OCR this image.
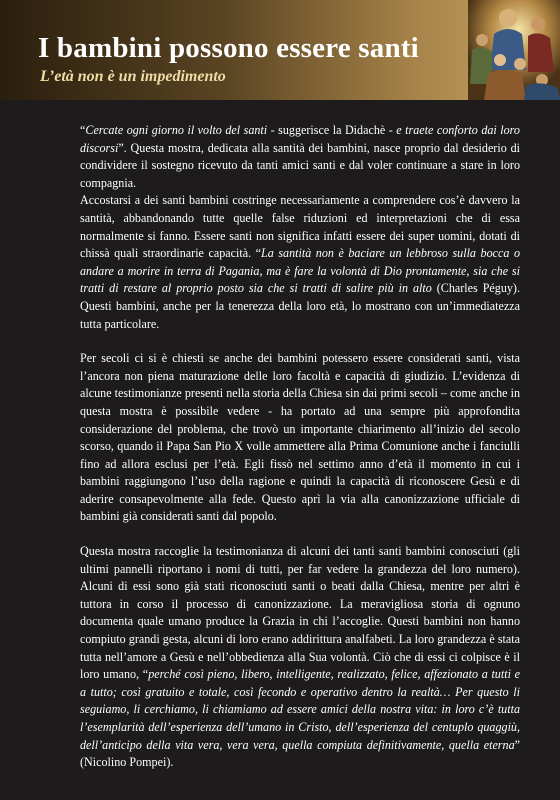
I bambini possono essere santi
L’età non è un impedimento

“Cercate ogni giorno il volto del santi - suggerisce la Didachè - e traete conforto dai loro discorsi”. Questa mostra, dedicata alla santità dei bambini, nasce proprio dal desiderio di condividere il sostegno ricevuto da tanti amici santi e dal voler continuare a stare in loro compagnia.

Accostarsi a dei santi bambini costringe necessariamente a comprendere cos’è davvero la santità, abbandonando tutte quelle false riduzioni ed interpretazioni che di essa normalmente si fanno. Essere santi non significa infatti essere dei super uomini, dotati di chissà quali straordinarie capacità. “La santità non è baciare un lebbroso sulla bocca o andare a morire in terra di Pagania, ma è fare la volontà di Dio prontamente, sia che si tratti di restare al proprio posto sia che si tratti di salire più in alto (Charles Péguy). Questi bambini, anche per la tenerezza della loro età, lo mostrano con un’immediatezza tutta particolare.

Per secoli ci si è chiesti se anche dei bambini potessero essere considerati santi, vista l’ancora non piena maturazione delle loro facoltà e capacità di giudizio. L’evidenza di alcune testimonianze presenti nella storia della Chiesa sin dai primi secoli – come anche in questa mostra è possibile vedere - ha portato ad una sempre più approfondita considerazione del problema, che trovò un importante chiarimento all’inizio del secolo scorso, quando il Papa San Pio X volle ammettere alla Prima Comunione anche i fanciulli fino ad allora esclusi per l’età. Egli fissò nel settimo anno d’età il momento in cui i bambini raggiungono l’uso della ragione e quindi la capacità di riconoscere Gesù e di aderire consapevolmente alla fede. Questo aprì la via alla canonizzazione ufficiale di bambini già considerati santi dal popolo.

Questa mostra raccoglie la testimonianza di alcuni dei tanti santi bambini conosciuti (gli ultimi pannelli riportano i nomi di tutti, per far vedere la grandezza del loro numero). Alcuni di essi sono già stati riconosciuti santi o beati dalla Chiesa, mentre per altri è tuttora in corso il processo di canonizzazione. La meravigliosa storia di ognuno documenta quale umano produce la Grazia in chi l’accoglie. Questi bambini non hanno compiuto grandi gesta, alcuni di loro erano addirittura analfabeti. La loro grandezza è stata tutta nell’amore a Gesù e nell’obbedienza alla Sua volontà. Ciò che di essi ci colpisce è il loro umano, “perché così pieno, libero, intelligente, realizzato, felice, affezionato a tutti e a tutto; così gratuito e totale, così fecondo e operativo dentro la realtà… Per questo li seguiamo, li cerchiamo, li chiamiamo ad essere amici della nostra vita: in loro c’è tutta l’esemplarità dell’esperienza dell’umano in Cristo, dell’esperienza del centuplo quaggiù, dell’anticipo della vita vera, vera vera, quella compiuta definitivamente, quella eterna” (Nicolino Pompei).
